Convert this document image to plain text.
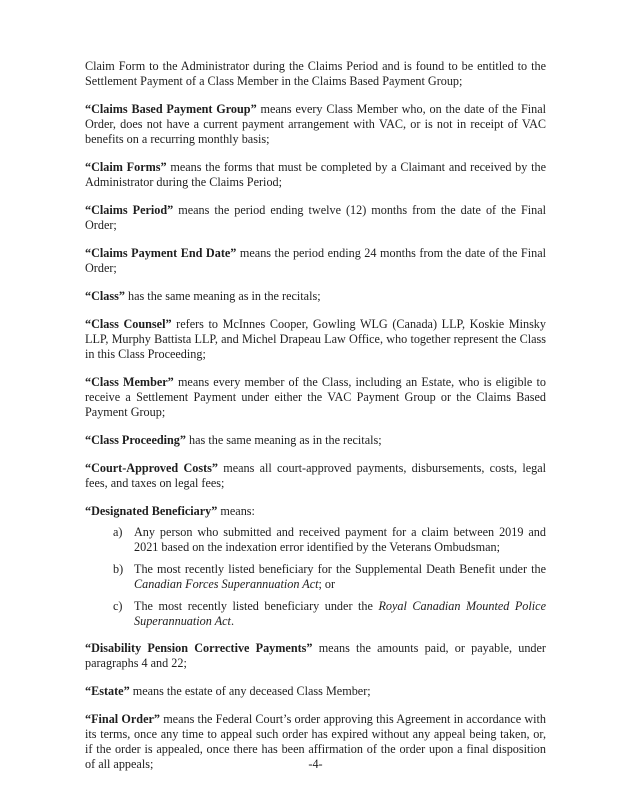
Claim Form to the Administrator during the Claims Period and is found to be entitled to the Settlement Payment of a Class Member in the Claims Based Payment Group;

“Claims Based Payment Group” means every Class Member who, on the date of the Final Order, does not have a current payment arrangement with VAC, or is not in receipt of VAC benefits on a recurring monthly basis;

“Claim Forms” means the forms that must be completed by a Claimant and received by the Administrator during the Claims Period;

“Claims Period” means the period ending twelve (12) months from the date of the Final Order;

“Claims Payment End Date” means the period ending 24 months from the date of the Final Order;

“Class” has the same meaning as in the recitals;

“Class Counsel” refers to McInnes Cooper, Gowling WLG (Canada) LLP, Koskie Minsky LLP, Murphy Battista LLP, and Michel Drapeau Law Office, who together represent the Class in this Class Proceeding;

“Class Member” means every member of the Class, including an Estate, who is eligible to receive a Settlement Payment under either the VAC Payment Group or the Claims Based Payment Group;

“Class Proceeding” has the same meaning as in the recitals;

“Court-Approved Costs” means all court-approved payments, disbursements, costs, legal fees, and taxes on legal fees;

“Designated Beneficiary” means:

a) Any person who submitted and received payment for a claim between 2019 and 2021 based on the indexation error identified by the Veterans Ombudsman;
b) The most recently listed beneficiary for the Supplemental Death Benefit under the Canadian Forces Superannuation Act; or
c) The most recently listed beneficiary under the Royal Canadian Mounted Police Superannuation Act.

“Disability Pension Corrective Payments” means the amounts paid, or payable, under paragraphs 4 and 22;

“Estate” means the estate of any deceased Class Member;

“Final Order” means the Federal Court’s order approving this Agreement in accordance with its terms, once any time to appeal such order has expired without any appeal being taken, or, if the order is appealed, once there has been affirmation of the order upon a final disposition of all appeals;	-4-
